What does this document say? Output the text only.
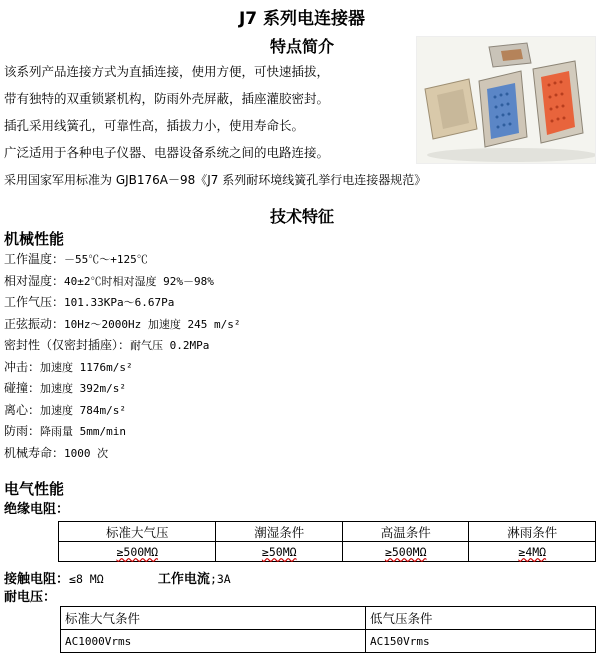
J7 系列电连接器
特点简介

该系列产品连接方式为直插连接，使用方便，可快速插拔，

带有独特的双重锁紧机构，防雨外壳屏蔽，插座灌胶密封。

插孔采用线簧孔，可靠性高，插拔力小，使用寿命长。

广泛适用于各种电子仪器、电器设备系统之间的电路连接。

采用国家军用标准为 GJB176A－98《J7 系列耐环境线簧孔挙行电连接器规范》

技术特征
机械性能
工作温度：－55℃～+125℃
相对湿度：40±2℃时相对湿度 92%－98%
工作气压：101.33KPa～6.67Pa
正弦振动：10Hz～2000Hz 加速度 245 m/s²
密封性（仅密封插座）：耐气压 0.2MPa
冲击：加速度 1176m/s²
碰撞：加速度 392m/s²
离心：加速度 784m/s²
防雨：降雨量 5mm/min
机械寿命：1000 次
电气性能
绝缘电阻：
标准大气压	潮湿条件	高温条件	淋雨条件
≥500MΩ	≥50MΩ	≥500MΩ	≥4MΩ
接触电阻：≤8 MΩ	工作电流;3A
耐电压：
标准大气条件	低气压条件
AC1000Vrms	AC150Vrms
